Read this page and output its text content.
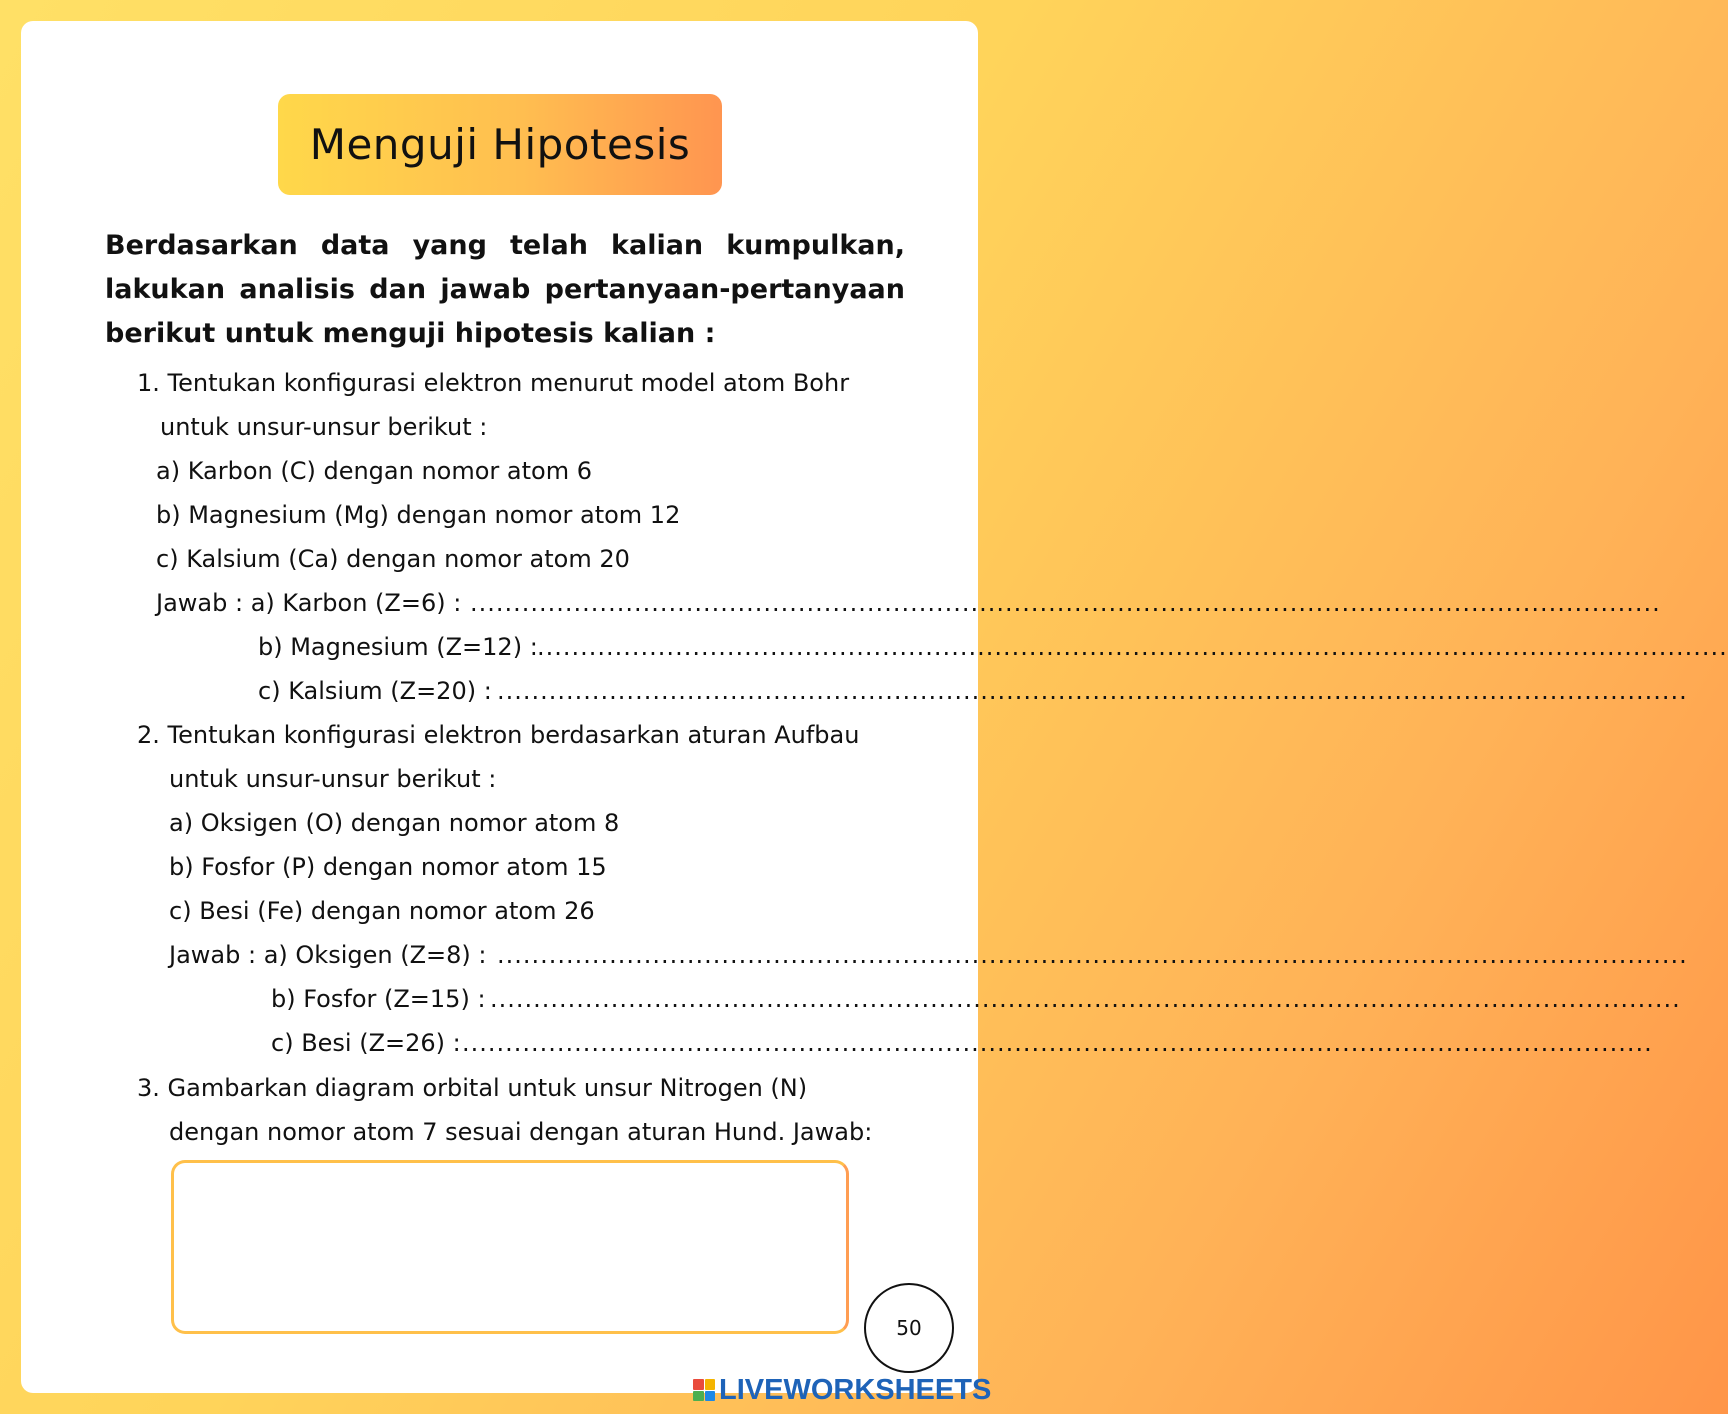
Menguji Hipotesis
Berdasarkan data yang telah kalian kumpulkan, lakukan analisis dan jawab pertanyaan-pertanyaan berikut untuk menguji hipotesis kalian :
1. Tentukan konfigurasi elektron menurut model atom Bohr
untuk unsur-unsur berikut :
a) Karbon (C) dengan nomor atom 6
b) Magnesium (Mg) dengan nomor atom 12
c) Kalsium (Ca) dengan nomor atom 20
Jawab : a) Karbon (Z=6) : ..........................................................................................................................................
b) Magnesium (Z=12) : ..........................................................................................................................................
c) Kalsium (Z=20) : ..........................................................................................................................................
2. Tentukan konfigurasi elektron berdasarkan aturan Aufbau
untuk unsur-unsur berikut :
a) Oksigen (O) dengan nomor atom 8
b) Fosfor (P) dengan nomor atom 15
c) Besi (Fe) dengan nomor atom 26
Jawab : a) Oksigen (Z=8) : ..........................................................................................................................................
b) Fosfor (Z=15) : ..........................................................................................................................................
c) Besi (Z=26) : ..........................................................................................................................................
3. Gambarkan diagram orbital untuk unsur Nitrogen (N)
dengan nomor atom 7 sesuai dengan aturan Hund. Jawab:
50
LIVEWORKSHEETS
